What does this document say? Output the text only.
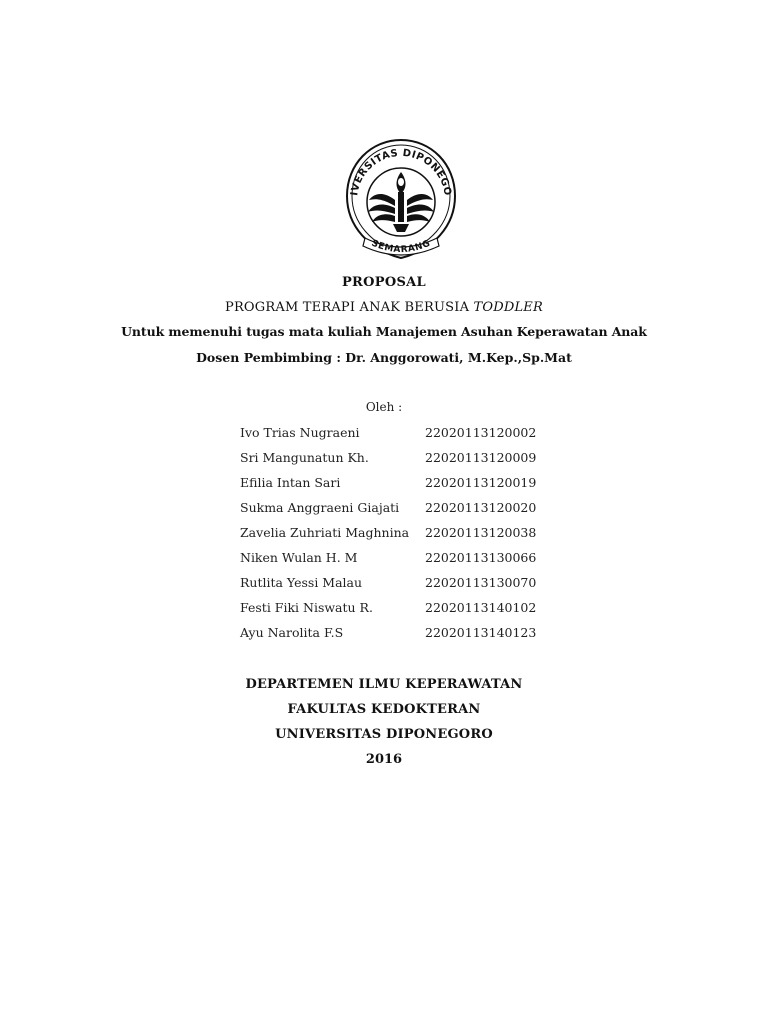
IVERSITAS DIPONEGO
SEMARANG
PROPOSAL
PROGRAM TERAPI ANAK BERUSIA TODDLER
Untuk memenuhi tugas mata kuliah Manajemen Asuhan Keperawatan Anak
Dosen Pembimbing : Dr. Anggorowati, M.Kep.,Sp.Mat
Oleh :
Ivo Trias Nugraeni	22020113120002
Sri Mangunatun Kh.	22020113120009
Efilia Intan Sari	22020113120019
Sukma Anggraeni Giajati 22020113120020
Zavelia Zuhriati Maghnina 22020113120038
Niken Wulan H. M	22020113130066
Rutlita Yessi Malau	22020113130070
Festi Fiki Niswatu R.	22020113140102
Ayu Narolita F.S	22020113140123
DEPARTEMEN ILMU KEPERAWATAN
FAKULTAS KEDOKTERAN
UNIVERSITAS DIPONEGORO
2016
